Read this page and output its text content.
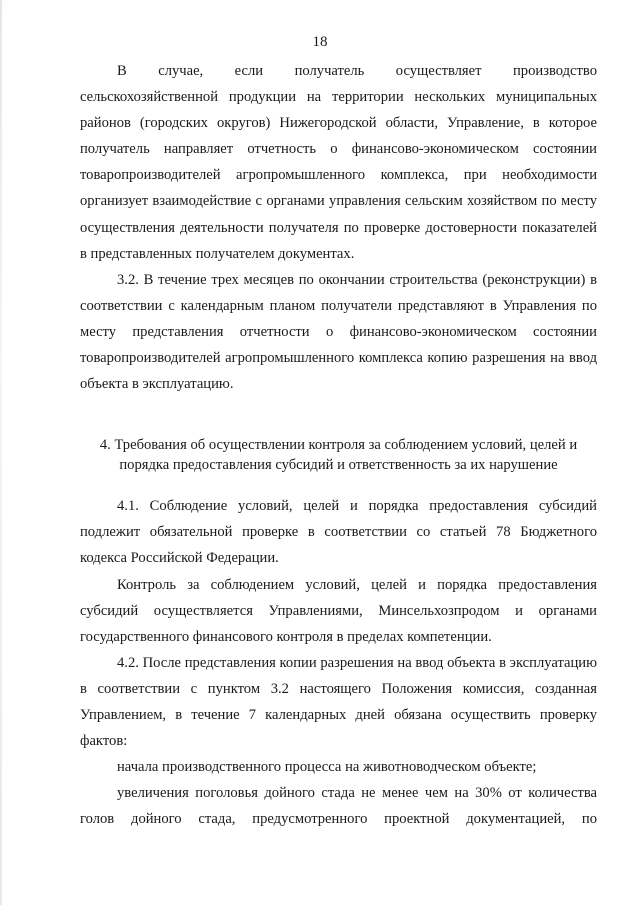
18

В случае, если получатель осуществляет производство сельскохозяйственной продукции на территории нескольких муниципальных районов (городских округов) Нижегородской области, Управление, в которое получатель направляет отчетность о финансово-экономическом состоянии товаропроизводителей агропромышленного комплекса, при необходимости организует взаимодействие с органами управления сельским хозяйством по месту осуществления деятельности получателя по проверке достоверности показателей в представленных получателем документах.

3.2. В течение трех месяцев по окончании строительства (реконструкции) в соответствии с календарным планом получатели представляют в Управления по месту представления отчетности о финансово-экономическом состоянии товаропроизводителей агропромышленного комплекса копию разрешения на ввод объекта в эксплуатацию.

4. Требования об осуществлении контроля за соблюдением условий, целей и порядка предоставления субсидий и ответственность за их нарушение

4.1. Соблюдение условий, целей и порядка предоставления субсидий подлежит обязательной проверке в соответствии со статьей 78 Бюджетного кодекса Российской Федерации.

Контроль за соблюдением условий, целей и порядка предоставления субсидий осуществляется Управлениями, Минсельхозпродом и органами государственного финансового контроля в пределах компетенции.

4.2. После представления копии разрешения на ввод объекта в эксплуатацию в соответствии с пунктом 3.2 настоящего Положения комиссия, созданная Управлением, в течение 7 календарных дней обязана осуществить проверку фактов:

начала производственного процесса на животноводческом объекте;

увеличения поголовья дойного стада не менее чем на 30% от количества голов дойного стада, предусмотренного проектной документацией, по
